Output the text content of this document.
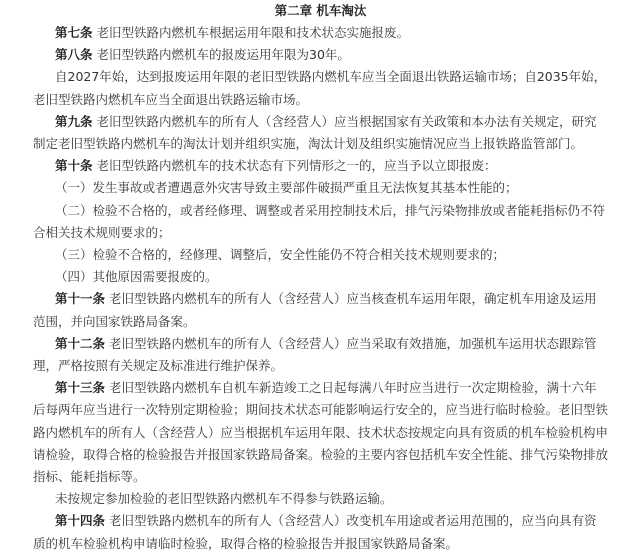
第二章 机车淘汰

第七条 老旧型铁路内燃机车根据运用年限和技术状态实施报废。

第八条 老旧型铁路内燃机车的报废运用年限为30年。

自2027年始，达到报废运用年限的老旧型铁路内燃机车应当全面退出铁路运输市场；自2035年始，老旧型铁路内燃机车应当全面退出铁路运输市场。

第九条 老旧型铁路内燃机车的所有人（含经营人）应当根据国家有关政策和本办法有关规定，研究制定老旧型铁路内燃机车的淘汰计划并组织实施，淘汰计划及组织实施情况应当上报铁路监管部门。

第十条 老旧型铁路内燃机车的技术状态有下列情形之一的，应当予以立即报废：

（一）发生事故或者遭遇意外灾害导致主要部件破损严重且无法恢复其基本性能的；

（二）检验不合格的，或者经修理、调整或者采用控制技术后，排气污染物排放或者能耗指标仍不符合相关技术规则要求的；

（三）检验不合格的，经修理、调整后，安全性能仍不符合相关技术规则要求的；

（四）其他原因需要报废的。

第十一条 老旧型铁路内燃机车的所有人（含经营人）应当核查机车运用年限，确定机车用途及运用范围，并向国家铁路局备案。

第十二条 老旧型铁路内燃机车的所有人（含经营人）应当采取有效措施，加强机车运用状态跟踪管理，严格按照有关规定及标准进行维护保养。

第十三条 老旧型铁路内燃机车自机车新造竣工之日起每满八年时应当进行一次定期检验，满十六年后每两年应当进行一次特别定期检验；期间技术状态可能影响运行安全的，应当进行临时检验。老旧型铁路内燃机车的所有人（含经营人）应当根据机车运用年限、技术状态按规定向具有资质的机车检验机构申请检验，取得合格的检验报告并报国家铁路局备案。检验的主要内容包括机车安全性能、排气污染物排放指标、能耗指标等。

未按规定参加检验的老旧型铁路内燃机车不得参与铁路运输。

第十四条 老旧型铁路内燃机车的所有人（含经营人）改变机车用途或者运用范围的，应当向具有资质的机车检验机构申请临时检验，取得合格的检验报告并报国家铁路局备案。
